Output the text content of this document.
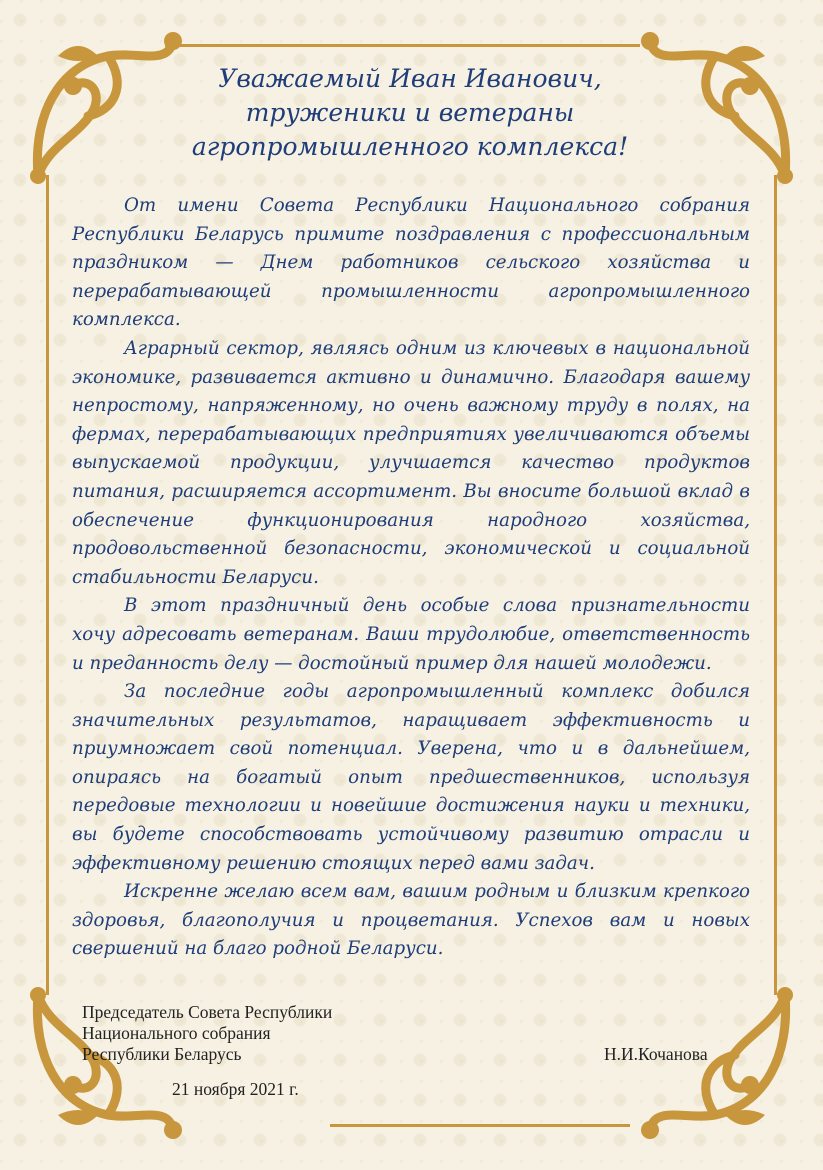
Уважаемый Иван Иванович,
труженики и ветераны
агропромышленного комплекса!

От имени Совета Республики Национального собрания Республики Беларусь примите поздравления с профессиональным праздником — Днем работников сельского хозяйства и перерабатывающей промышленности агропромышленного комплекса.

Аграрный сектор, являясь одним из ключевых в национальной экономике, развивается активно и динамично. Благодаря вашему непростому, напряженному, но очень важному труду в полях, на фермах, перерабатывающих предприятиях увеличиваются объемы выпускаемой продукции, улучшается качество продуктов питания, расширяется ассортимент. Вы вносите большой вклад в обеспечение функционирования народного хозяйства, продовольственной безопасности, экономической и социальной стабильности Беларуси.

В этот праздничный день особые слова признательности хочу адресовать ветеранам. Ваши трудолюбие, ответственность и преданность делу — достойный пример для нашей молодежи.

За последние годы агропромышленный комплекс добился значительных результатов, наращивает эффективность и приумножает свой потенциал. Уверена, что и в дальнейшем, опираясь на богатый опыт предшественников, используя передовые технологии и новейшие достижения науки и техники, вы будете способствовать устойчивому развитию отрасли и эффективному решению стоящих перед вами задач.

Искренне желаю всем вам, вашим родным и близким крепкого здоровья, благополучия и процветания. Успехов вам и новых свершений на благо родной Беларуси.

Председатель Совета Республики
Национального собрания
Республики Беларусь	Н.И.Кочанова
21 ноября 2021 г.
